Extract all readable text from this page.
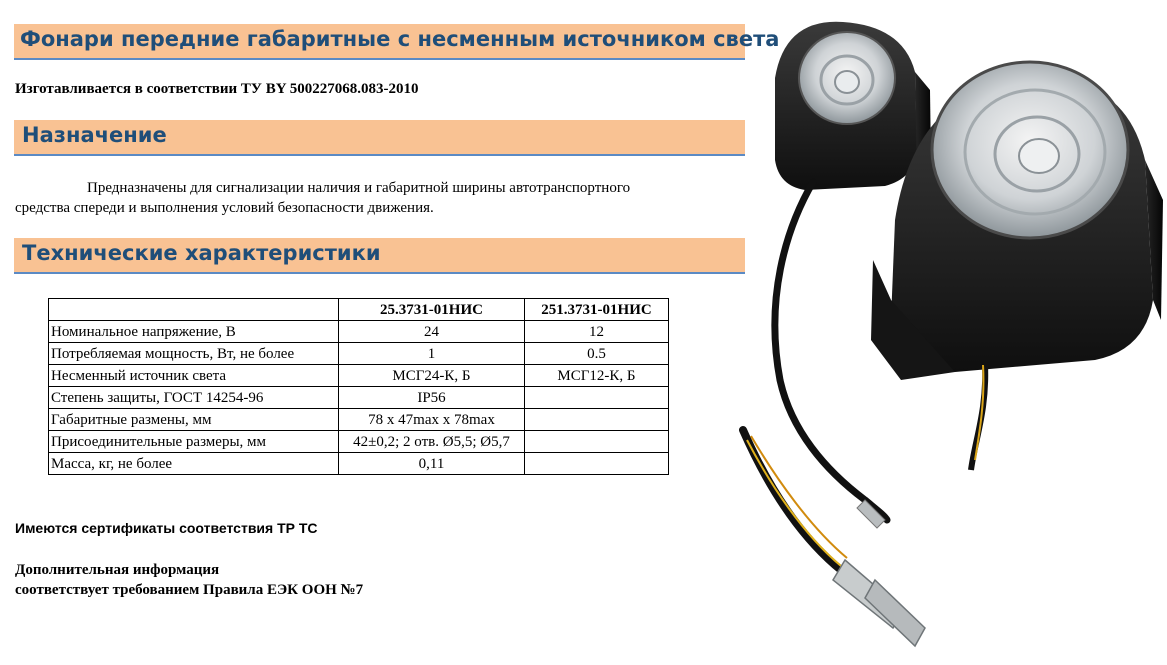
Фонари передние габаритные с несменным источником света
Изготавливается в соответствии ТУ BY 500227068.083-2010
Назначение
Предназначены для сигнализации наличия и габаритной ширины автотранспортного
средства спереди и выполнения условий безопасности движения.
Технические характеристики
	25.3731-01НИС	251.3731-01НИС
Номинальное напряжение, В	24	12
Потребляемая мощность, Вт, не более	1	0.5
Несменный источник света	МСГ24-К, Б	МСГ12-К, Б
Степень защиты, ГОСТ 14254-96	IP56	
Габаритные размены, мм	78 x 47max x 78max	
Присоединительные размеры, мм	42±0,2; 2 отв. Ø5,5; Ø5,7	
Масса, кг, не более	0,11	
Имеются сертификаты соответствия ТР ТС
Дополнительная информация
соответствует требованием Правила ЕЭК ООН №7
